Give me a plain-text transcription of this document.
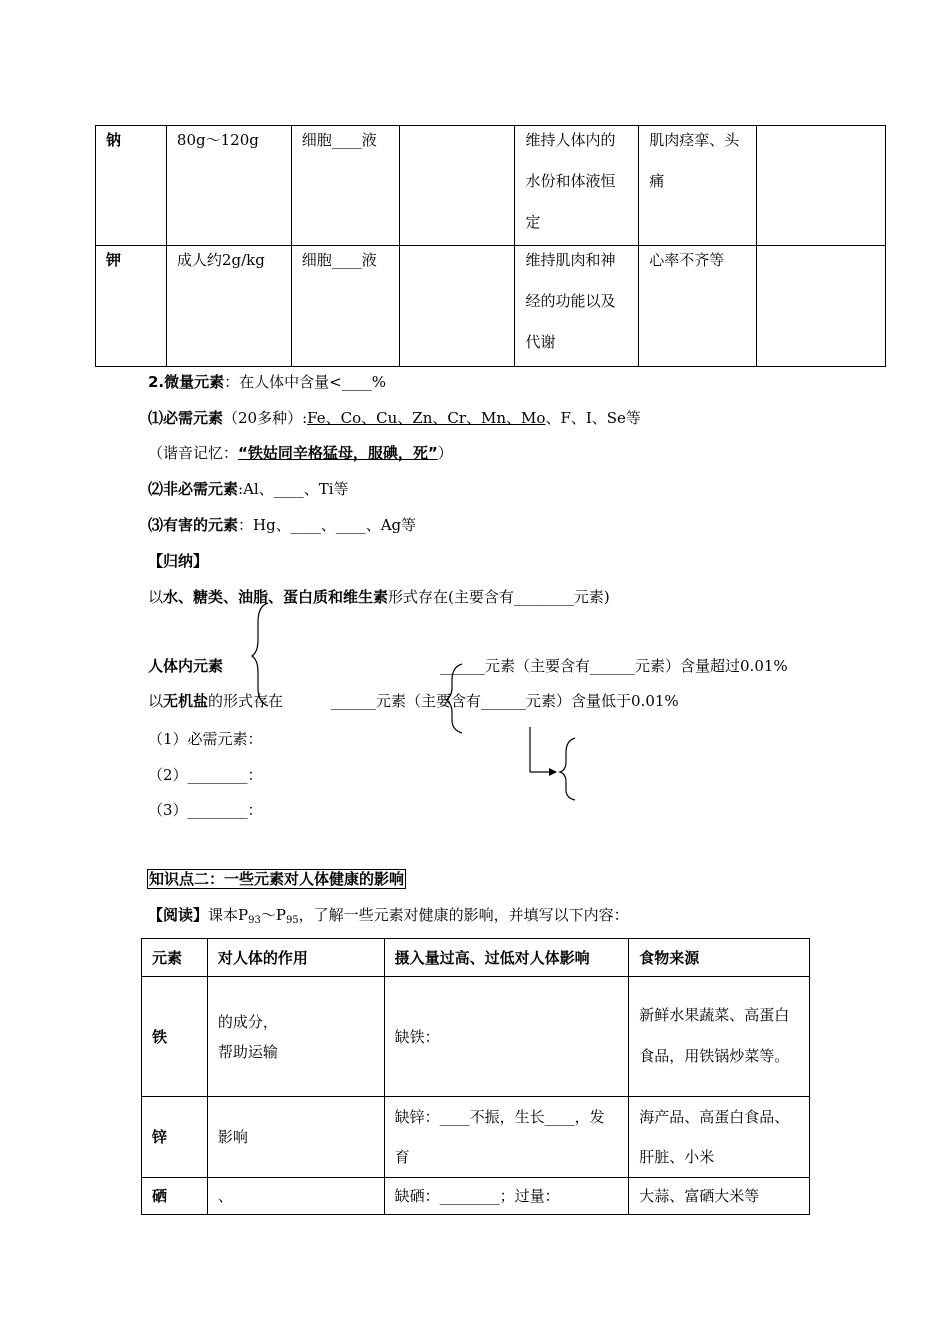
钠	80g～120g	细胞____液		维持人体内的水份和体液恒定	肌肉痉挛、头痛	

钾	成人约2g/kg	细胞____液		维持肌肉和神经的功能以及代谢	心率不齐等	

2.微量元素：在人体中含量<____%
⑴必需元素（20多种）:Fe、Co、Cu、Zn、Cr、Mn、Mo、F、I、Se等
（谐音记忆：“铁姑同辛格猛母，服碘，死”）
⑵非必需元素:Al、____、Ti等
⑶有害的元素：Hg、____、____、Ag等
【归纳】
以水、糖类、油脂、蛋白质和维生素形式存在(主要含有________元素)
人体内元素	______元素（主要含有______元素）含量超过0.01%
以无机盐的形式存在	______元素（主要含有______元素）含量低于0.01%
（1）必需元素：
（2）________：
（3）________：
知识点二：一些元素对人体健康的影响
【阅读】课本$P_{93}\sim P_{95}$，了解一些元素对健康的影响，并填写以下内容：
元素	对人体的作用	摄入量过高、过低对人体影响	食物来源

铁	的成分，
帮助运输	缺铁：	新鲜水果蔬菜、高蛋白食品，用铁锅炒菜等。

锌	影响	缺锌：____不振，生长____，发育	海产品、高蛋白食品、肝脏、小米

硒	、	缺硒：________；过量：	大蒜、富硒大米等
